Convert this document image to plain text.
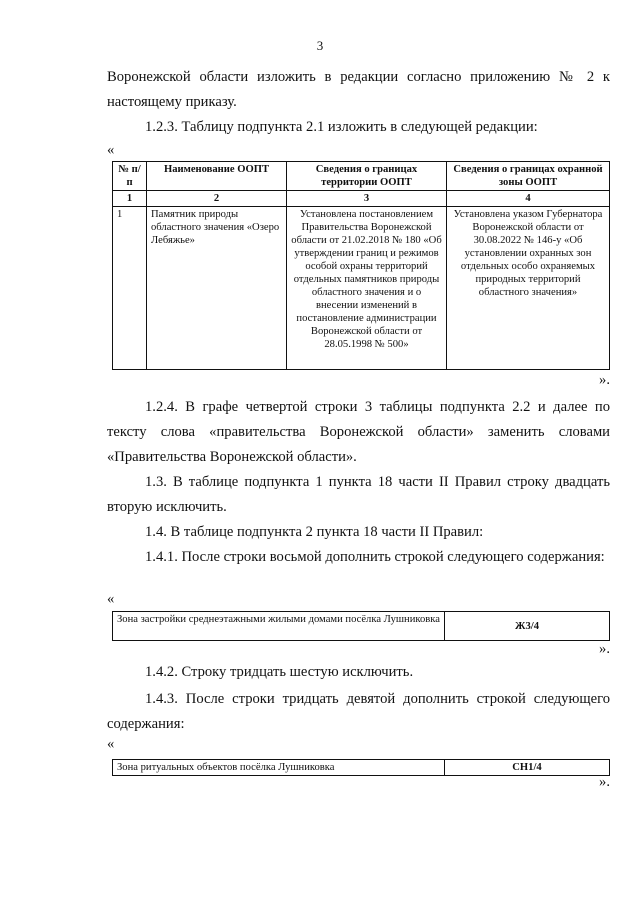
3

Воронежской области изложить в редакции согласно приложению № 2 к настоящему приказу.

1.2.3. Таблицу подпункта 2.1 изложить в следующей редакции:

«
№ п/п	Наименование ООПТ	Сведения о границах территории ООПТ	Сведения о границах охранной зоны ООПТ
1	2	3	4
1	Памятник природы областного значения «Озеро Лебяжье»	Установлена постановлением Правительства Воронежской области от 21.02.2018 № 180 «Об утверждении границ и режимов особой охраны территорий отдельных памятников природы областного значения и о внесении изменений в постановление администрации Воронежской области от 28.05.1998 № 500»	Установлена указом Губернатора Воронежской области от 30.08.2022 № 146-у «Об установлении охранных зон отдельных особо охраняемых природных территорий областного значения»
».

1.2.4. В графе четвертой строки 3 таблицы подпункта 2.2 и далее по тексту слова «правительства Воронежской области» заменить словами «Правительства Воронежской области».

1.3. В таблице подпункта 1 пункта 18 части II Правил строку двадцать вторую исключить.

1.4. В таблице подпункта 2 пункта 18 части II Правил:

1.4.1. После строки восьмой дополнить строкой следующего содержания:

«
Зона застройки среднеэтажными жилыми домами посёлка Лушниковка	Ж3/4
».

1.4.2. Строку тридцать шестую исключить.

1.4.3. После строки тридцать девятой дополнить строкой следующего содержания:

«
Зона ритуальных объектов посёлка Лушниковка	СН1/4
».
